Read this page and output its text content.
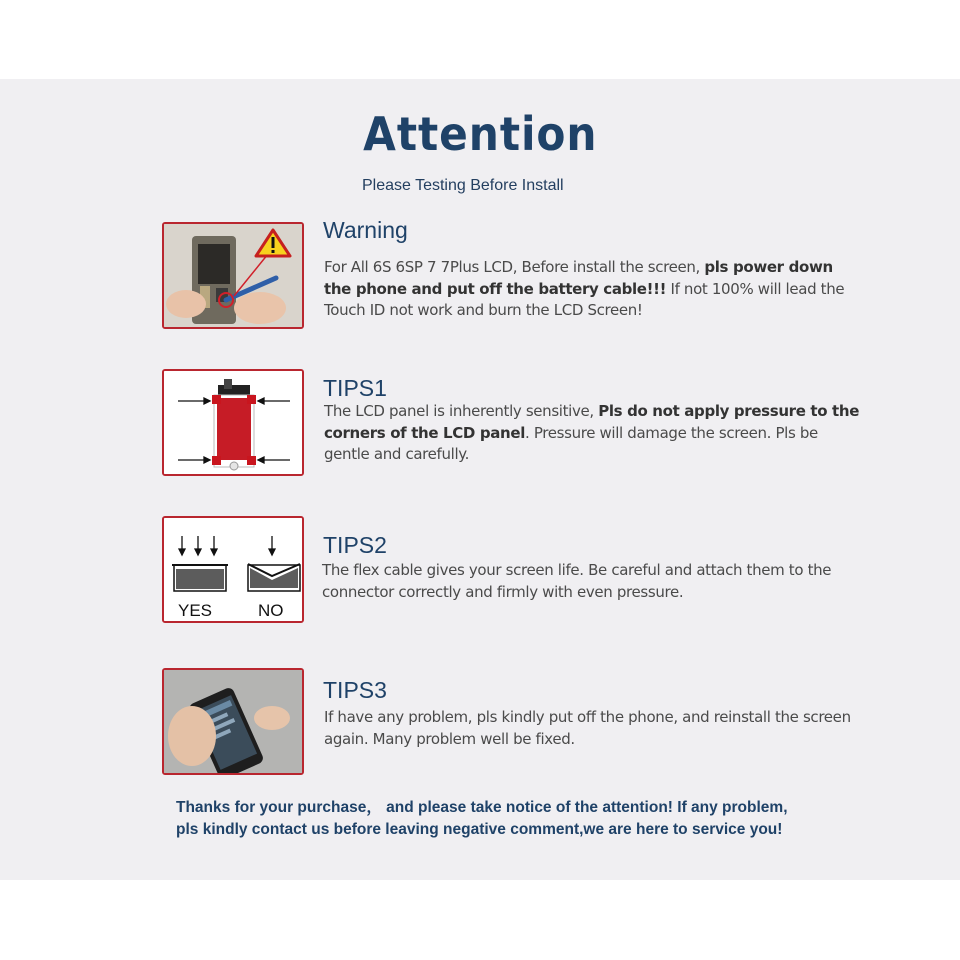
Attention
Please Testing Before Install
Warning
For All 6S 6SP 7 7Plus LCD, Before install the screen, pls power down the phone and put off the battery cable!!! If not 100% will lead the Touch ID not work and burn the LCD Screen!
TIPS1
The LCD panel is inherently sensitive, Pls do not apply pressure to the corners of the LCD panel. Pressure will damage the screen. Pls be gentle and carefully.
YES	NO
TIPS2
The flex cable gives your screen life. Be careful and attach them to the connector correctly and firmly with even pressure.
TIPS3
If have any problem, pls kindly put off the phone, and reinstall the screen again. Many problem well be fixed.
Thanks for your purchase， and please take notice of the attention! If any problem,
pls kindly contact us before leaving negative comment,we are here to service you!
